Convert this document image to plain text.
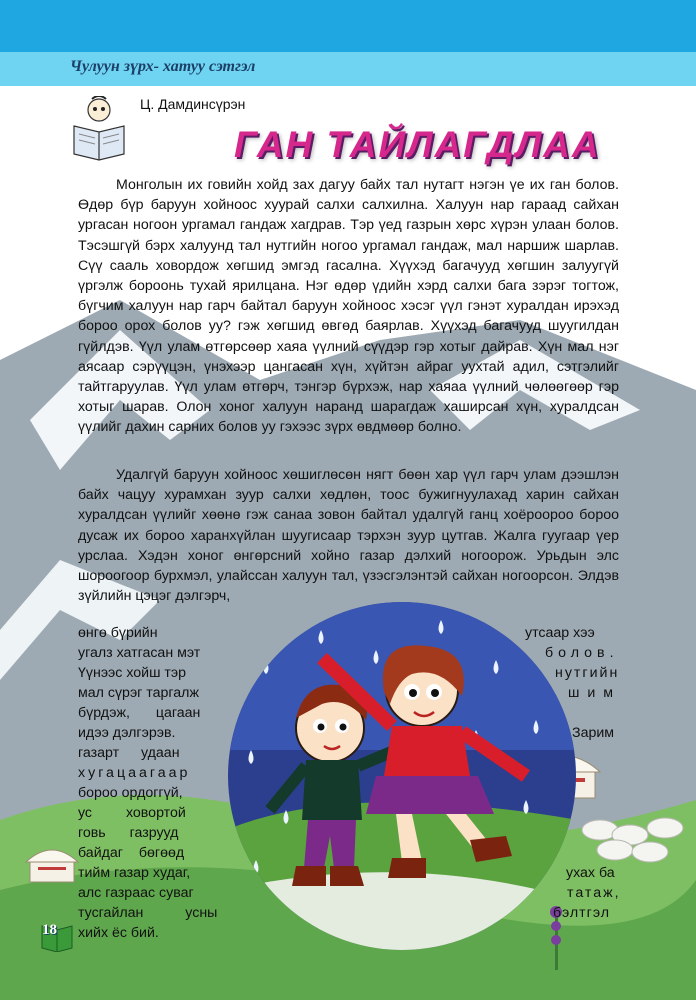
Чулуун зүрх- хатуу сэтгэл
Ц. Дамдинсүрэн
ГАН ТАЙЛАГДЛАА

Монголын их говийн хойд зах дагуу байх тал нутагт нэгэн үе их ган болов. Өдөр бүр баруун хойноос хуурай салхи салхилна. Халуун нар гараад сайхан ургасан ногоон ургамал гандаж хагдрав. Тэр үед газрын хөрс хүрэн улаан болов. Тэсэшгүй бэрх халуунд тал нутгийн ногоо ургамал гандаж, мал наршиж шарлав. Сүү сааль ховордож хөгшид эмгэд гасална. Хүүхэд багачууд хөгшин залуугүй үргэлж бороонь тухай ярилцана. Нэг өдөр үдийн хэрд салхи бага зэрэг тогтож, бүгчим халуун нар гарч байтал баруун хойноос хэсэг үүл гэнэт хуралдан ирэхэд бороо орох болов уу? гэж хөгшид өвгөд баярлав. Хүүхэд багачууд шуугилдан гүйлдэв. Үүл улам өтгөрсөөр хаяа үүлний сүүдэр гэр хотыг дайрав. Хүн мал нэг аясаар сэрүүцэн, үнэхээр цангасан хүн, хүйтэн айраг уухтай адил, сэтгэлийг тайтгаруулав. Үүл улам өтгөрч, тэнгэр бүрхэж, нар хаяаа үүлний чөлөөгөөр гэр хотыг шарав. Олон хоног халуун наранд шарагдаж хаширсан хүн, хуралдсан үүлийг дахин сарних болов уу гэхээс зүрх өвдмөөр болно.

Удалгүй баруун хойноос хөшиглөсөн нягт бөөн хар үүл гарч улам дээшлэн байх чацуу хурамхан зуур салхи хөдлөн, тоос бужигнуулахад харин сайхан хуралдсан үүлийг хөөнө гэж санаа зовон байтал удалгүй ганц хоёроороо бороо дусаж их бороо харанхүйлан шуугисаар тэрхэн зуур цутгав. Жалга гуугаар үер урслаа. Хэдэн хоног өнгөрсний хойно газар дэлхий ногоорож. Урьдын элс шороогоор бурхмэл, улайссан халуун тал, үзэсгэлэнтэй сайхан ногоорсон. Элдэв зүйлийн цэцэг дэлгэрч,

өнгө бүрийн	утсаар хээ
угалз хатгасан мэт	болов.
Үүнээс хойш тэр	нутгийн
мал сүрэг таргалж	шим
бүрдэж, цагаан
идээ дэлгэрэв.	Зарим
газарт удаан
хугацаагаар
бороо ордоггүй,
ус ховортой
говь газрууд
байдаг бөгөөд
тийм газар худаг,	ухах ба
алс газраас суваг	татаж,
тусгайлан усны	бэлтгэл
хийх ёс бий.
18
